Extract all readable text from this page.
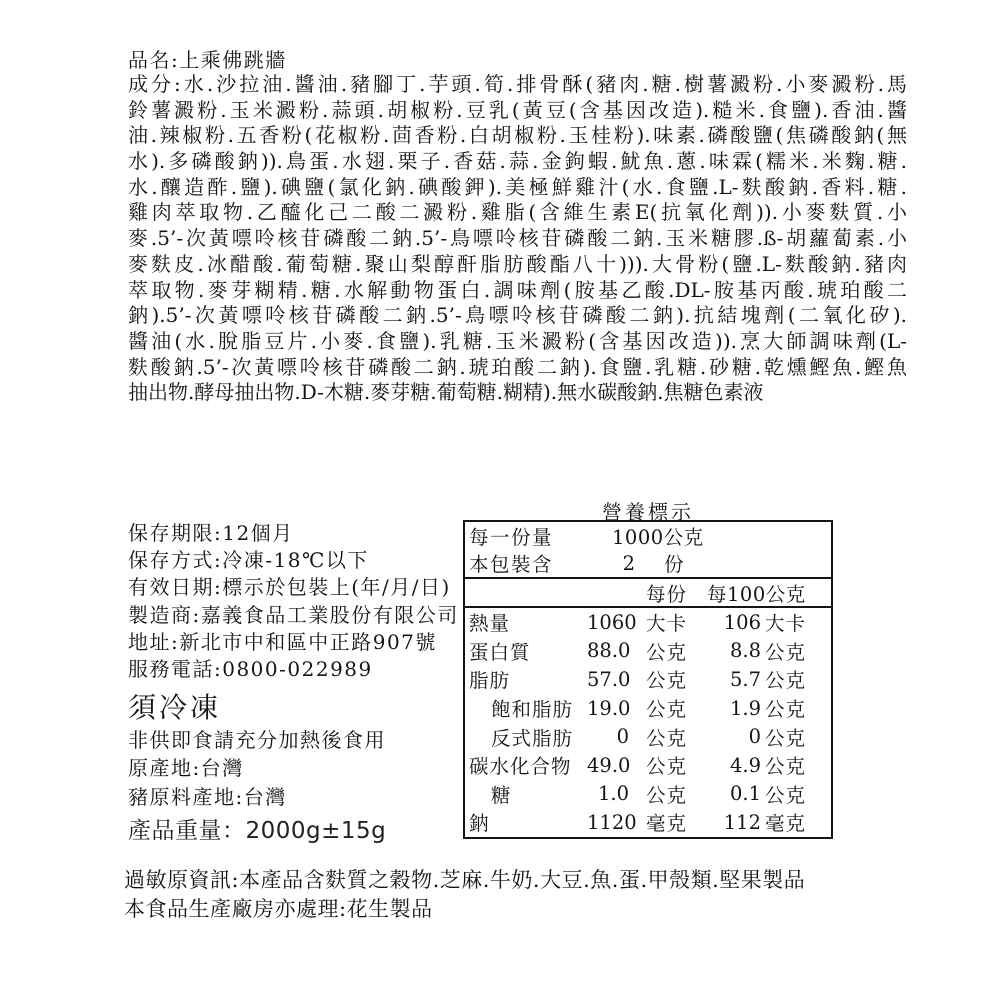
品名:上乘佛跳牆
成分:水.沙拉油.醬油.豬腳丁.芋頭.筍.排骨酥(豬肉.糖.樹薯澱粉.小麥澱粉.馬
鈴薯澱粉.玉米澱粉.蒜頭.胡椒粉.豆乳(黃豆(含基因改造).糙米.食鹽).香油.醬
油.辣椒粉.五香粉(花椒粉.茴香粉.白胡椒粉.玉桂粉).味素.磷酸鹽(焦磷酸鈉(無
水).多磷酸鈉)).鳥蛋.水翅.栗子.香菇.蒜.金鉤蝦.魷魚.蔥.味霖(糯米.米麴.糖.
水.釀造酢.鹽).碘鹽(氯化鈉.碘酸鉀).美極鮮雞汁(水.食鹽.L-麩酸鈉.香料.糖.
雞肉萃取物.乙醯化己二酸二澱粉.雞脂(含維生素E(抗氧化劑)).小麥麩質.小
麥.5’-次黃嘌呤核苷磷酸二鈉.5’-鳥嘌呤核苷磷酸二鈉.玉米糖膠.ß-胡蘿蔔素.小
麥麩皮.冰醋酸.葡萄糖.聚山梨醇酐脂肪酸酯八十))).大骨粉(鹽.L-麩酸鈉.豬肉
萃取物.麥芽糊精.糖.水解動物蛋白.調味劑(胺基乙酸.DL-胺基丙酸.琥珀酸二
鈉).5’-次黃嘌呤核苷磷酸二鈉.5’-鳥嘌呤核苷磷酸二鈉).抗結塊劑(二氧化矽).
醬油(水.脫脂豆片.小麥.食鹽).乳糖.玉米澱粉(含基因改造)).烹大師調味劑(L-
麩酸鈉.5’-次黃嘌呤核苷磷酸二鈉.琥珀酸二鈉).食鹽.乳糖.砂糖.乾燻鰹魚.鰹魚
抽出物.酵母抽出物.D-木糖.麥芽糖.葡萄糖.糊精).無水碳酸鈉.焦糖色素液
保存期限:12個月
保存方式:冷凍-18℃以下
有效日期:標示於包裝上(年/月/日)
製造商:嘉義食品工業股份有限公司
地址:新北市中和區中正路907號
服務電話:0800-022989
須冷凍
非供即食請充分加熱後食用
原產地:台灣
豬原料產地:台灣
產品重量：2000g±15g
營養標示
每一份量	1000公克
本包裝含	2 份
每份	每100公克
熱量	1060 大卡	106 大卡
蛋白質	88.0 公克	8.8 公克
脂肪	57.0 公克	5.7 公克
飽和脂肪 19.0 公克	1.9 公克
反式脂肪	0 公克	0 公克
碳水化合物 49.0 公克	4.9 公克
糖	1.0 公克	0.1 公克
鈉	1120 毫克	112 毫克
過敏原資訊:本產品含麩質之穀物.芝麻.牛奶.大豆.魚.蛋.甲殼類.堅果製品
本食品生產廠房亦處理:花生製品
